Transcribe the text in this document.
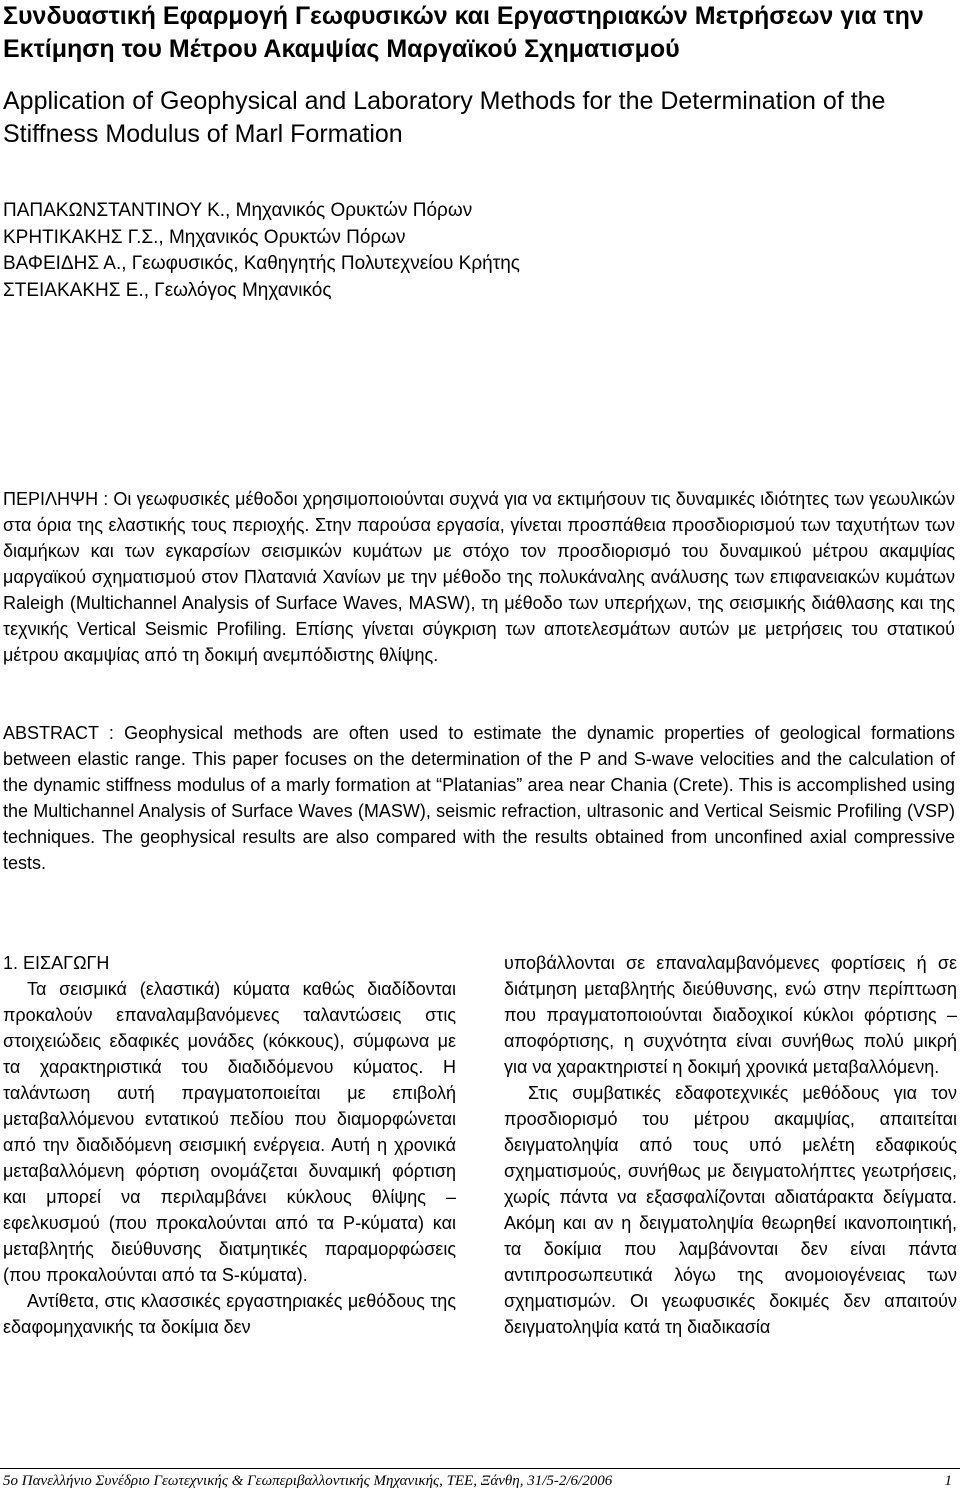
Συνδυαστική Εφαρμογή Γεωφυσικών και Εργαστηριακών Μετρήσεων για την Εκτίμηση του Μέτρου Ακαμψίας Μαργαϊκού Σχηματισμού
Application of Geophysical and Laboratory Methods for the Determination of the Stiffness Modulus of Marl Formation
ΠΑΠΑΚΩΝΣΤΑΝΤΙΝΟΥ Κ., Μηχανικός Ορυκτών Πόρων
ΚΡΗΤΙΚΑΚΗΣ Γ.Σ., Μηχανικός Ορυκτών Πόρων
ΒΑΦΕΙΔΗΣ Α., Γεωφυσικός, Καθηγητής Πολυτεχνείου Κρήτης
ΣΤΕΙΑΚΑΚΗΣ Ε., Γεωλόγος Μηχανικός

ΠΕΡΙΛΗΨΗ : Οι γεωφυσικές μέθοδοι χρησιμοποιούνται συχνά για να εκτιμήσουν τις δυναμικές ιδιότητες των γεωυλικών στα όρια της ελαστικής τους περιοχής. Στην παρούσα εργασία, γίνεται προσπάθεια προσδιορισμού των ταχυτήτων των διαμήκων και των εγκαρσίων σεισμικών κυμάτων με στόχο τον προσδιορισμό του δυναμικού μέτρου ακαμψίας μαργαϊκού σχηματισμού στον Πλατανιά Χανίων με την μέθοδο της πολυκάναλης ανάλυσης των επιφανειακών κυμάτων Raleigh (Multichannel Analysis of Surface Waves, MASW), τη μέθοδο των υπερήχων, της σεισμικής διάθλασης και της τεχνικής Vertical Seismic Profiling. Επίσης γίνεται σύγκριση των αποτελεσμάτων αυτών με μετρήσεις του στατικού μέτρου ακαμψίας από τη δοκιμή ανεμπόδιστης θλίψης.

ABSTRACT : Geophysical methods are often used to estimate the dynamic properties of geological formations between elastic range. This paper focuses on the determination of the P and S-wave velocities and the calculation of the dynamic stiffness modulus of a marly formation at “Platanias” area near Chania (Crete). This is accomplished using the Multichannel Analysis of Surface Waves (MASW), seismic refraction, ultrasonic and Vertical Seismic Profiling (VSP) techniques. The geophysical results are also compared with the results obtained from unconfined axial compressive tests.

1. ΕΙΣΑΓΩΓΗ

Τα σεισμικά (ελαστικά) κύματα καθώς διαδίδονται προκαλούν επαναλαμβανόμενες ταλαντώσεις στις στοιχειώδεις εδαφικές μονάδες (κόκκους), σύμφωνα με τα χαρακτηριστικά του διαδιδόμενου κύματος. Η ταλάντωση αυτή πραγματοποιείται με επιβολή μεταβαλλόμενου εντατικού πεδίου που διαμορφώνεται από την διαδιδόμενη σεισμική ενέργεια. Αυτή η χρονικά μεταβαλλόμενη φόρτιση ονομάζεται δυναμική φόρτιση και μπορεί να περιλαμβάνει κύκλους θλίψης – εφελκυσμού (που προκαλούνται από τα P-κύματα) και μεταβλητής διεύθυνσης διατμητικές παραμορφώσεις (που προκαλούνται από τα S-κύματα).

Αντίθετα, στις κλασσικές εργαστηριακές μεθόδους της εδαφομηχανικής τα δοκίμια δεν

υποβάλλονται σε επαναλαμβανόμενες φορτίσεις ή σε διάτμηση μεταβλητής διεύθυνσης, ενώ στην περίπτωση που πραγματοποιούνται διαδοχικοί κύκλοι φόρτισης – αποφόρτισης, η συχνότητα είναι συνήθως πολύ μικρή για να χαρακτηριστεί η δοκιμή χρονικά μεταβαλλόμενη.

Στις συμβατικές εδαφοτεχνικές μεθόδους για τον προσδιορισμό του μέτρου ακαμψίας, απαιτείται δειγματοληψία από τους υπό μελέτη εδαφικούς σχηματισμούς, συνήθως με δειγματολήπτες γεωτρήσεις, χωρίς πάντα να εξασφαλίζονται αδιατάρακτα δείγματα. Ακόμη και αν η δειγματοληψία θεωρηθεί ικανοποιητική, τα δοκίμια που λαμβάνονται δεν είναι πάντα αντιπροσωπευτικά λόγω της ανομοιογένειας των σχηματισμών. Οι γεωφυσικές δοκιμές δεν απαιτούν δειγματοληψία κατά τη διαδικασία

5ο Πανελλήνιο Συνέδριο Γεωτεχνικής & Γεωπεριβαλλοντικής Μηχανικής, ΤΕΕ, Ξάνθη, 31/5-2/6/2006	1
